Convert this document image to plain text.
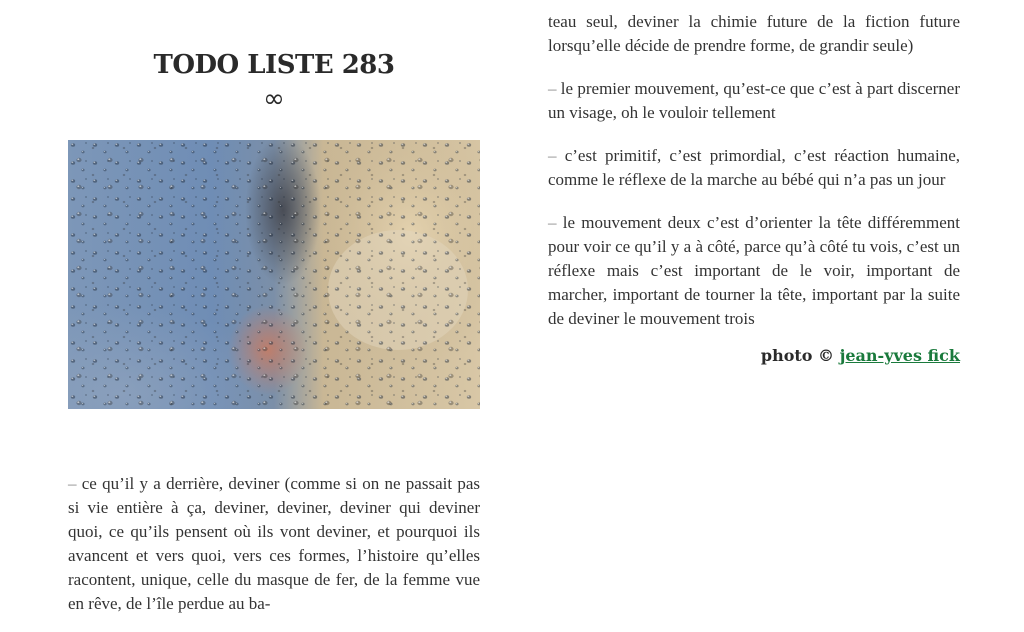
TODO LISTE 283
∞

– ce qu’il y a derrière, deviner (comme si on ne passait pas si vie entière à ça, deviner, deviner, deviner qui deviner quoi, ce qu’ils pensent où ils vont deviner, et pourquoi ils avancent et vers quoi, vers ces formes, l’histoire qu’elles racontent, unique, celle du masque de fer, de la femme vue en rêve, de l’île perdue au ba-

teau seul, deviner la chimie future de la fiction future lorsqu’elle décide de prendre forme, de grandir seule)

– le premier mouvement, qu’est-ce que c’est à part discerner un visage, oh le vouloir tellement

– c’est primitif, c’est primordial, c’est réaction humaine, comme le réflexe de la marche au bébé qui n’a pas un jour

– le mouvement deux c’est d’orienter la tête différemment pour voir ce qu’il y a à côté, parce qu’à côté tu vois, c’est un réflexe mais c’est important de le voir, important de marcher, important de tourner la tête, important par la suite de deviner le mouvement trois

photo © jean-yves fick
